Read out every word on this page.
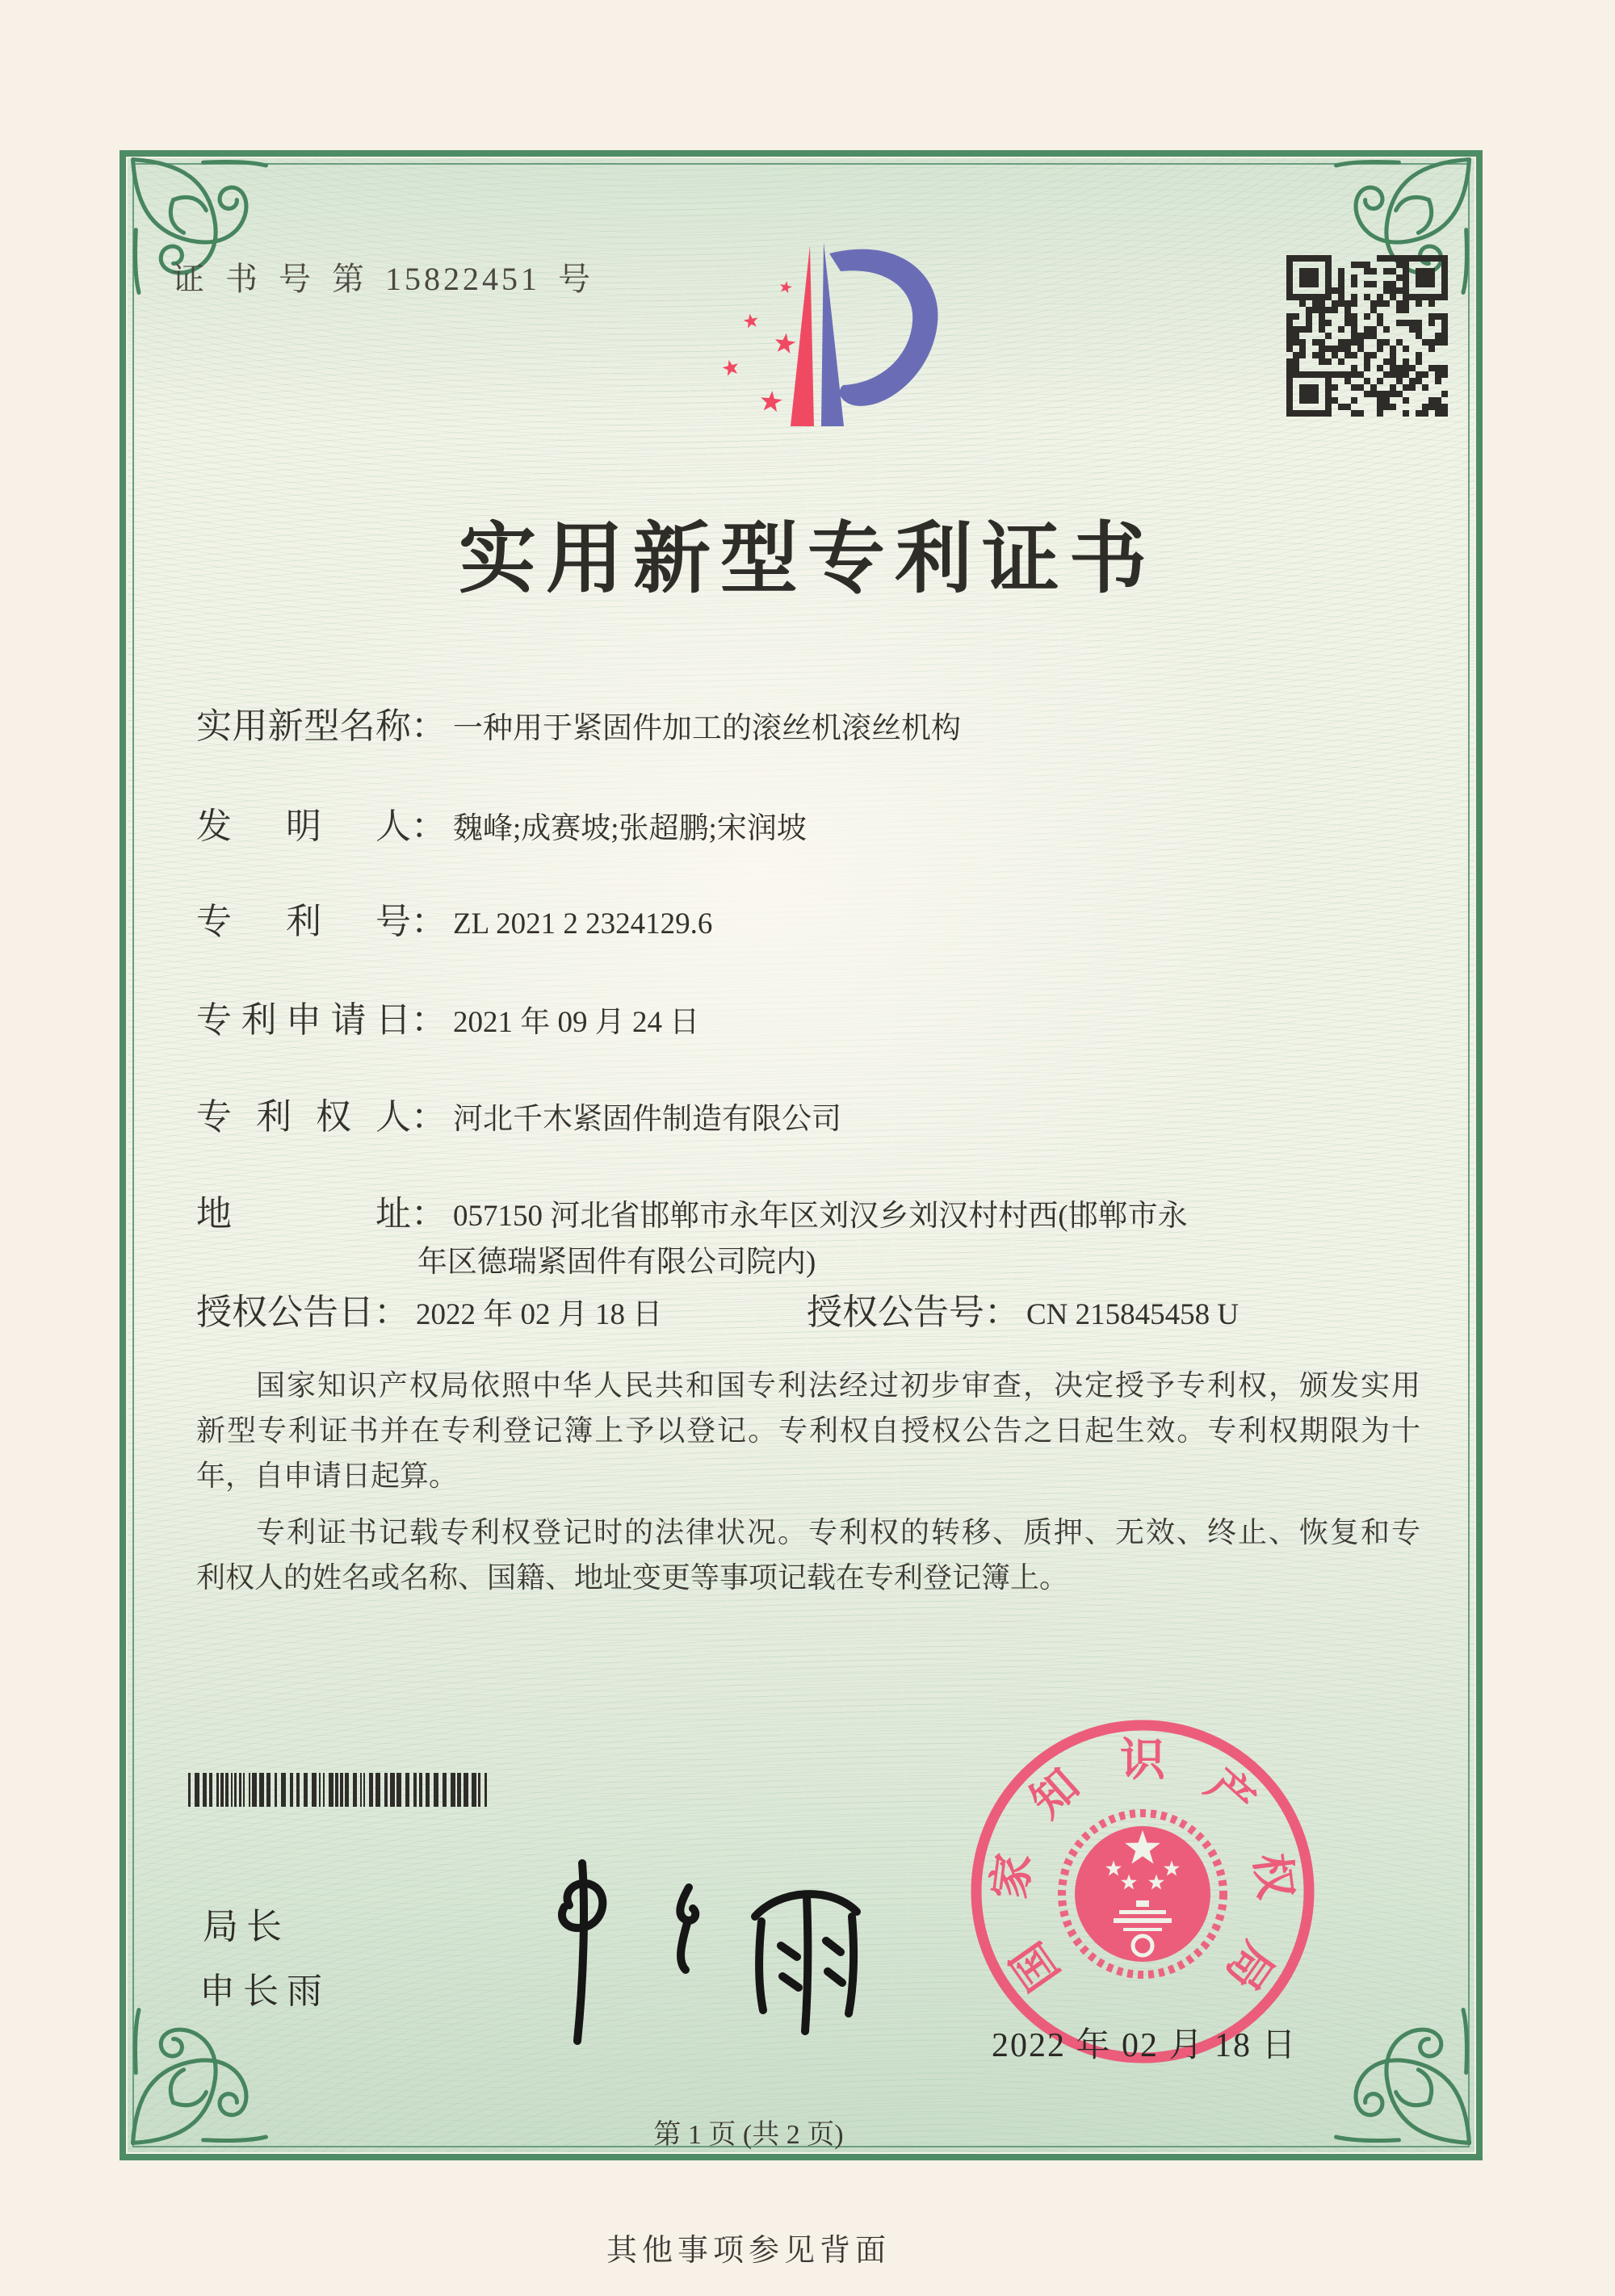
证 书 号 第 15822451 号
实用新型专利证书
实用新型名称： 一种用于紧固件加工的滚丝机滚丝机构
发明人： 魏峰;成赛坡;张超鹏;宋润坡
专利号： ZL 2021 2 2324129.6
专利申请日： 2021 年 09 月 24 日
专利权人： 河北千木紧固件制造有限公司
地址： 057150 河北省邯郸市永年区刘汉乡刘汉村村西(邯郸市永
年区德瑞紧固件有限公司院内)
授权公告日： 2022 年 02 月 18 日	授权公告号： CN 215845458 U
国家知识产权局依照中华人民共和国专利法经过初步审查，决定授予专利权，颁发实用
新型专利证书并在专利登记簿上予以登记。专利权自授权公告之日起生效。专利权期限为十
年，自申请日起算。
专利证书记载专利权登记时的法律状况。专利权的转移、质押、无效、终止、恢复和专
利权人的姓名或名称、国籍、地址变更等事项记载在专利登记簿上。
局长
申长雨	国
家
知 识 产
权
局
2022 年 02 月 18 日
第 1 页 (共 2 页)
其他事项参见背面
